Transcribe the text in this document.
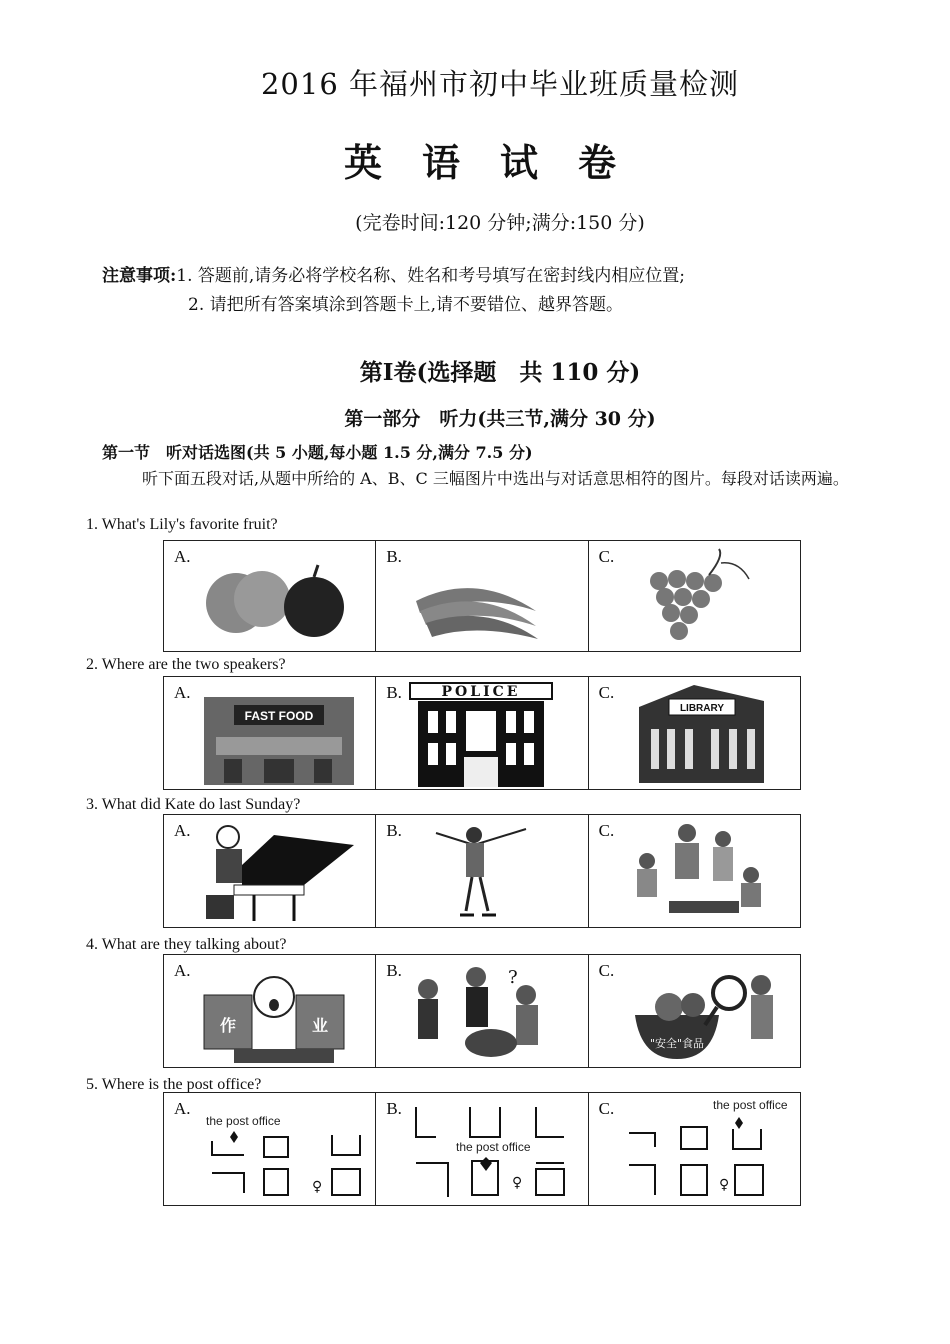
2016 年福州市初中毕业班质量检测
英语试卷
(完卷时间:120 分钟;满分:150 分)
注意事项:1. 答题前,请务必将学校名称、姓名和考号填写在密封线内相应位置;
2. 请把所有答案填涂到答题卡上,请不要错位、越界答题。
第Ⅰ卷(选择题　共 110 分)
第一部分　听力(共三节,满分 30 分)
第一节　听对话选图(共 5 小题,每小题 1.5 分,满分 7.5 分)
听下面五段对话,从题中所给的 A、B、C 三幅图片中选出与对话意思相符的图片。每段对话读两遍。
1. What's Lily's favorite fruit?
A.	B.	C.
2. Where are the two speakers?
A.
FAST FOOD
B.	POLICE	C.
LIBRARY
3. What did Kate do last Sunday?
A.	B.	C.
4. What are they talking about?
A.
作	业
B.	?	C.
"安全"食品
5. Where is the post office?
A.
the post office
♀
B.
the post office
♀
C.	the post office
♀
